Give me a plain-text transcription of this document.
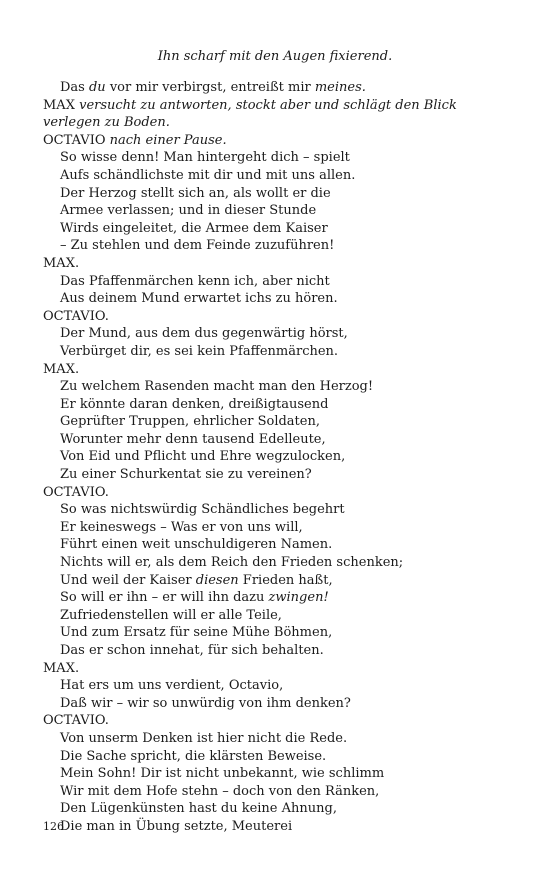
Ihn scharf mit den Augen fixierend.
Das du vor mir verbirgst, entreißt mir meines.
MAX versucht zu antworten, stockt aber und schlägt den Blick verlegen zu Boden.
OCTAVIO nach einer Pause.
So wisse denn! Man hintergeht dich – spielt
Aufs schändlichste mit dir und mit uns allen.
Der Herzog stellt sich an, als wollt er die
Armee verlassen; und in dieser Stunde
Wirds eingeleitet, die Armee dem Kaiser
– Zu stehlen und dem Feinde zuzuführen!
MAX.
Das Pfaffenmärchen kenn ich, aber nicht
Aus deinem Mund erwartet ichs zu hören.
OCTAVIO.
Der Mund, aus dem dus gegenwärtig hörst,
Verbürget dir, es sei kein Pfaffenmärchen.
MAX.
Zu welchem Rasenden macht man den Herzog!
Er könnte daran denken, dreißigtausend
Geprüfter Truppen, ehrlicher Soldaten,
Worunter mehr denn tausend Edelleute,
Von Eid und Pflicht und Ehre wegzulocken,
Zu einer Schurkentat sie zu vereinen?
OCTAVIO.
So was nichtswürdig Schändliches begehrt
Er keineswegs – Was er von uns will,
Führt einen weit unschuldigeren Namen.
Nichts will er, als dem Reich den Frieden schenken;
Und weil der Kaiser diesen Frieden haßt,
So will er ihn – er will ihn dazu zwingen!
Zufriedenstellen will er alle Teile,
Und zum Ersatz für seine Mühe Böhmen,
Das er schon innehat, für sich behalten.
MAX.
Hat ers um uns verdient, Octavio,
Daß wir – wir so unwürdig von ihm denken?
OCTAVIO.
Von unserm Denken ist hier nicht die Rede.
Die Sache spricht, die klärsten Beweise.
Mein Sohn! Dir ist nicht unbekannt, wie schlimm
Wir mit dem Hofe stehn – doch von den Ränken,
Den Lügenkünsten hast du keine Ahnung,
Die man in Übung setzte, Meuterei
126
